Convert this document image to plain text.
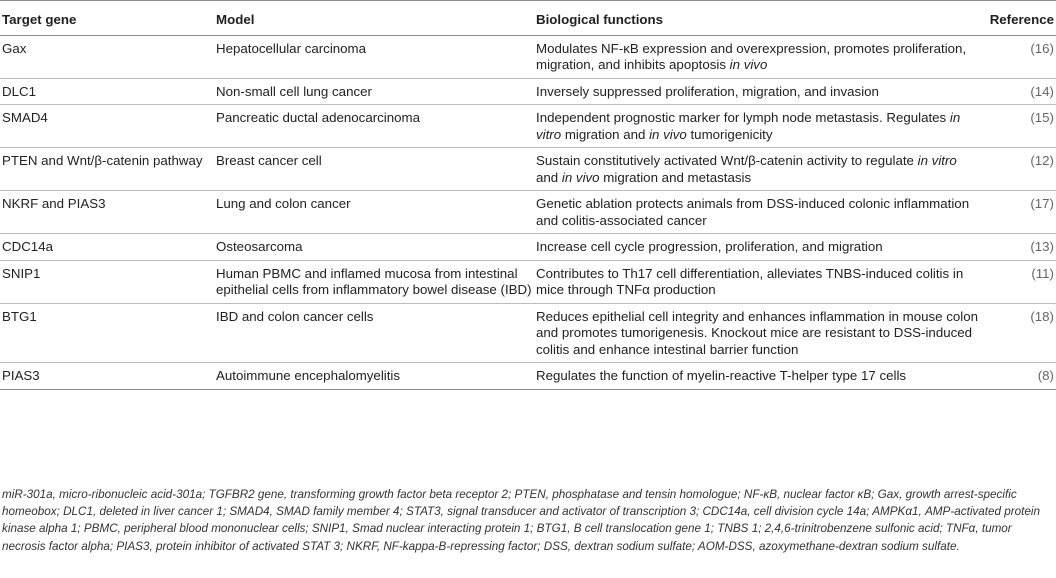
Target gene	Model	Biological functions	Reference
Gax	Hepatocellular carcinoma	Modulates NF-κB expression and overexpression, promotes proliferation, migration, and inhibits apoptosis in vivo	(16)
DLC1	Non-small cell lung cancer	Inversely suppressed proliferation, migration, and invasion	(14)
SMAD4	Pancreatic ductal adenocarcinoma	Independent prognostic marker for lymph node metastasis. Regulates in vitro migration and in vivo tumorigenicity	(15)
PTEN and Wnt/β-catenin pathway	Breast cancer cell	Sustain constitutively activated Wnt/β-catenin activity to regulate in vitro and in vivo migration and metastasis	(12)
NKRF and PIAS3	Lung and colon cancer	Genetic ablation protects animals from DSS-induced colonic inflammation and colitis-associated cancer	(17)
CDC14a	Osteosarcoma	Increase cell cycle progression, proliferation, and migration	(13)
SNIP1	Human PBMC and inflamed mucosa from intestinal epithelial cells from inflammatory bowel disease (IBD)	Contributes to Th17 cell differentiation, alleviates TNBS-induced colitis in mice through TNFα production	(11)
BTG1	IBD and colon cancer cells	Reduces epithelial cell integrity and enhances inflammation in mouse colon and promotes tumorigenesis. Knockout mice are resistant to DSS-induced colitis and enhance intestinal barrier function	(18)
PIAS3	Autoimmune encephalomyelitis	Regulates the function of myelin-reactive T-helper type 17 cells	(8)

miR-301a, micro-ribonucleic acid-301a; TGFBR2 gene, transforming growth factor beta receptor 2; PTEN, phosphatase and tensin homologue; NF-κB, nuclear factor κB; Gax, growth arrest-specific homeobox; DLC1, deleted in liver cancer 1; SMAD4, SMAD family member 4; STAT3, signal transducer and activator of transcription 3; CDC14a, cell division cycle 14a; AMPKα1, AMP-activated protein kinase alpha 1; PBMC, peripheral blood mononuclear cells; SNIP1, Smad nuclear interacting protein 1; BTG1, B cell translocation gene 1; TNBS 1; 2,4,6-trinitrobenzene sulfonic acid; TNFα, tumor necrosis factor alpha; PIAS3, protein inhibitor of activated STAT 3; NKRF, NF-kappa-B-repressing factor; DSS, dextran sodium sulfate; AOM-DSS, azoxymethane-dextran sodium sulfate.
